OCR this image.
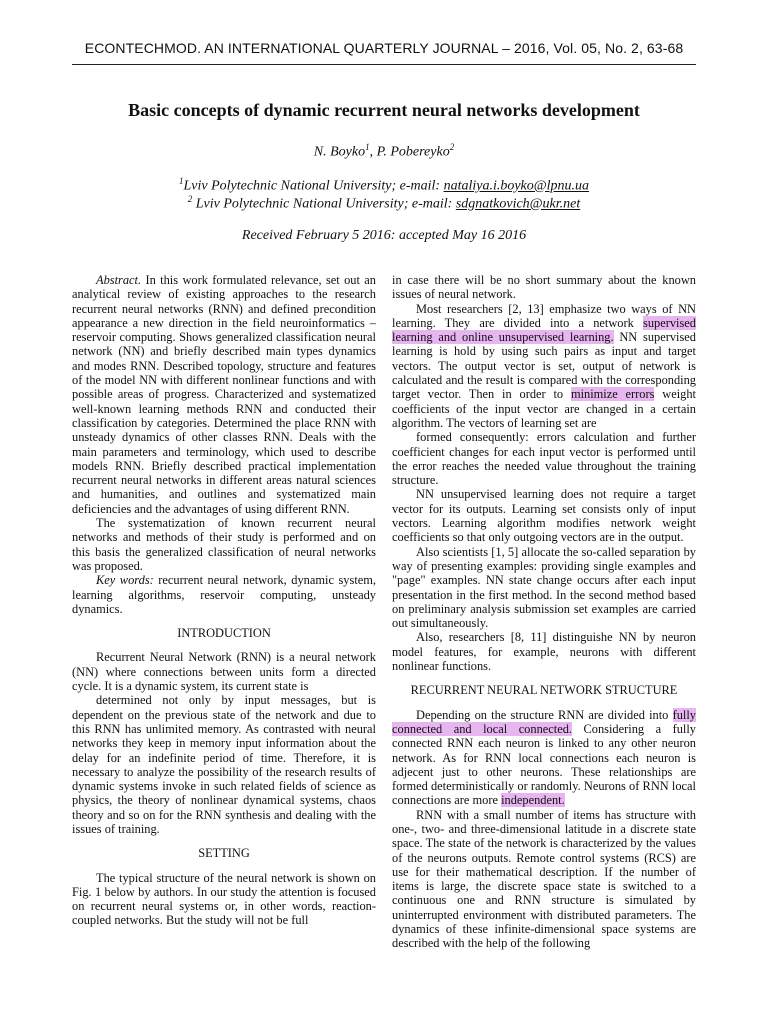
ECONTECHMOD. AN INTERNATIONAL QUARTERLY JOURNAL – 2016, Vol. 05, No. 2, 63-68
Basic concepts of dynamic recurrent neural networks development
N. Boyko$^1$, P. Pobereyko$^2$
$^1$Lviv Polytechnic National University; e-mail: nataliya.i.boyko@lpnu.ua
$^2$ Lviv Polytechnic National University; e-mail: sdgnatkovich@ukr.net
Received February 5 2016: accepted May 16 2016

Abstract. In this work formulated relevance, set out an analytical review of existing approaches to the research recurrent neural networks (RNN) and defined precondition appearance a new direction in the field neuroinformatics – reservoir computing. Shows generalized classification neural network (NN) and briefly described main types dynamics and modes RNN. Described topology, structure and features of the model NN with different nonlinear functions and with possible areas of progress. Characterized and systematized well-known learning methods RNN and conducted their classification by categories. Determined the place RNN with unsteady dynamics of other classes RNN. Deals with the main parameters and terminology, which used to describe models RNN. Briefly described practical implementation recurrent neural networks in different areas natural sciences and humanities, and outlines and systematized main deficiencies and the advantages of using different RNN.

The systematization of known recurrent neural networks and methods of their study is performed and on this basis the generalized classification of neural networks was proposed.

Key words: recurrent neural network, dynamic system, learning algorithms, reservoir computing, unsteady dynamics.

INTRODUCTION

Recurrent Neural Network (RNN) is a neural network (NN) where connections between units form a directed cycle. It is a dynamic system, its current state is

determined not only by input messages, but is dependent on the previous state of the network and due to this RNN has unlimited memory. As contrasted with neural networks they keep in memory input information about the delay for an indefinite period of time. Therefore, it is necessary to analyze the possibility of the research results of dynamic systems invoke in such related fields of science as physics, the theory of nonlinear dynamical systems, chaos theory and so on for the RNN synthesis and dealing with the issues of training.

SETTING

The typical structure of the neural network is shown on Fig. 1 below by authors. In our study the attention is focused on recurrent neural systems or, in other words, reaction-coupled networks. But the study will not be full

in case there will be no short summary about the known issues of neural network.

Most researchers [2, 13] emphasize two ways of NN learning. They are divided into a network supervised learning and online unsupervised learning. NN supervised learning is hold by using such pairs as input and target vectors. The output vector is set, output of network is calculated and the result is compared with the corresponding target vector. Then in order to minimize errors weight coefficients of the input vector are changed in a certain algorithm. The vectors of learning set are

formed consequently: errors calculation and further coefficient changes for each input vector is performed until the error reaches the needed value throughout the training structure.

NN unsupervised learning does not require a target vector for its outputs. Learning set consists only of input vectors. Learning algorithm modifies network weight coefficients so that only outgoing vectors are in the output.

Also scientists [1, 5] allocate the so-called separation by way of presenting examples: providing single examples and "page" examples. NN state change occurs after each input presentation in the first method. In the second method based on preliminary analysis submission set examples are carried out simultaneously.

Also, researchers [8, 11] distinguishe NN by neuron model features, for example, neurons with different nonlinear functions.

RECURRENT NEURAL NETWORK STRUCTURE

Depending on the structure RNN are divided into fully connected and local connected. Considering a fully connected RNN each neuron is linked to any other neuron network. As for RNN local connections each neuron is adjecent just to other neurons. These relationships are formed deterministically or randomly. Neurons of RNN local connections are more independent.

RNN with a small number of items has structure with one-, two- and three-dimensional latitude in a discrete state space. The state of the network is characterized by the values of the neurons outputs. Remote control systems (RCS) are use for their mathematical description. If the number of items is large, the discrete space state is switched to a continuous one and RNN structure is simulated by uninterrupted environment with distributed parameters. The dynamics of these infinite-dimensional space systems are described with the help of the following
